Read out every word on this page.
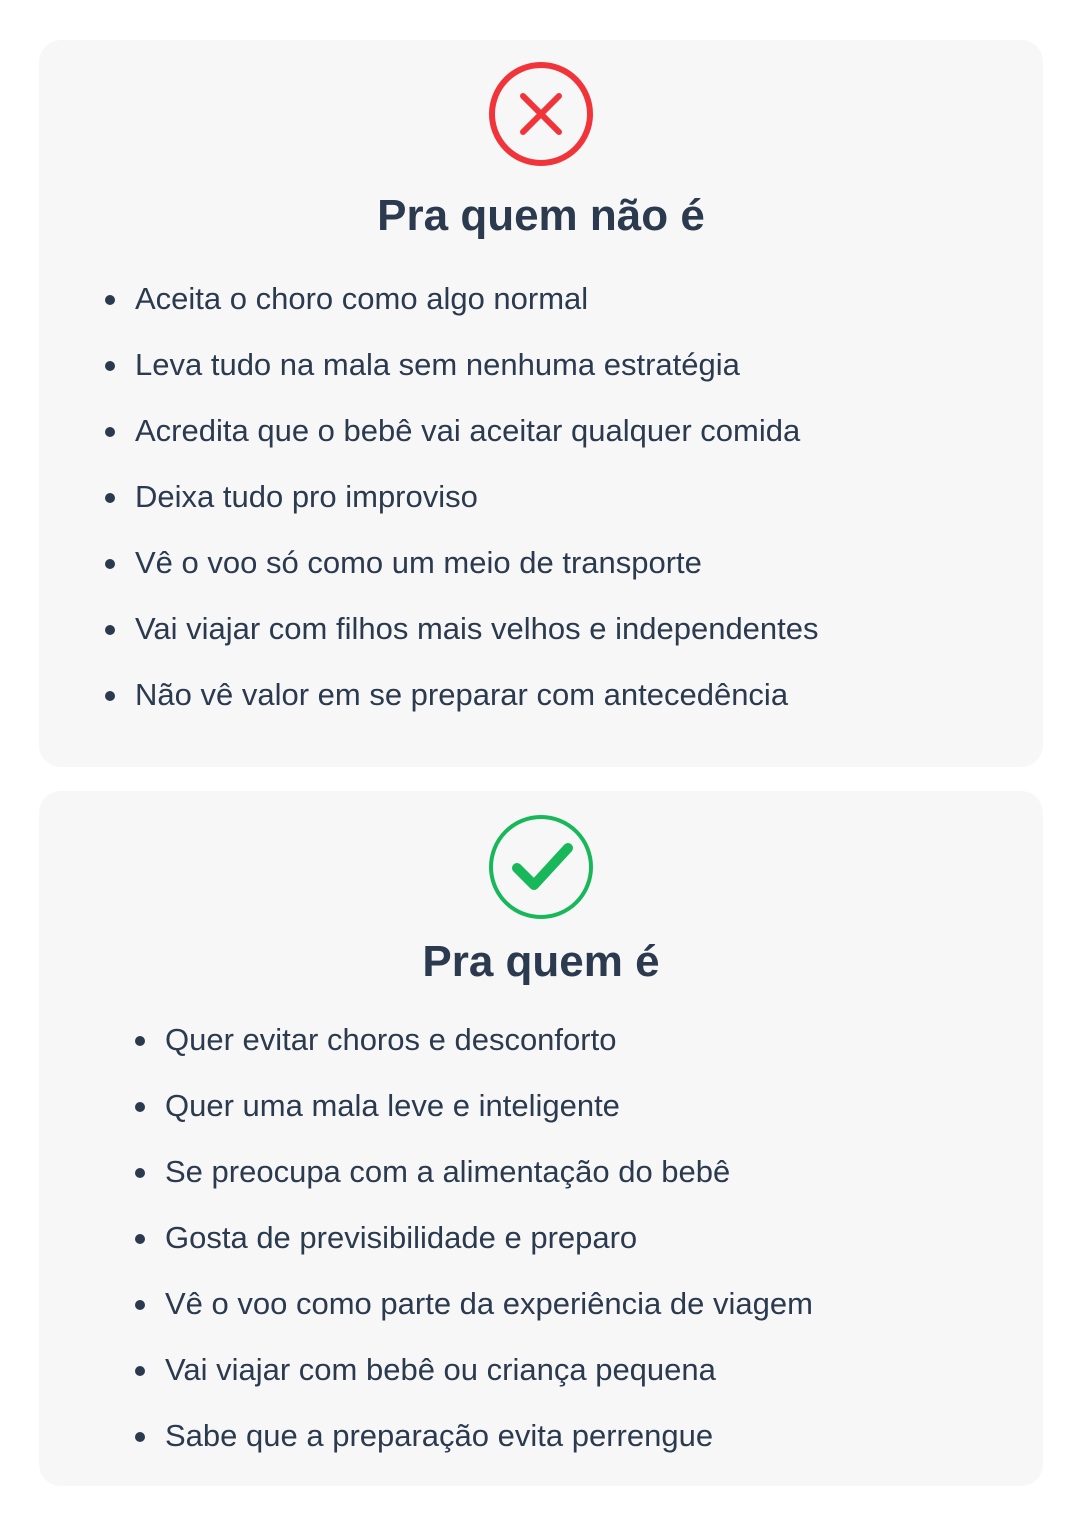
Pra quem não é
Aceita o choro como algo normal
Leva tudo na mala sem nenhuma estratégia
Acredita que o bebê vai aceitar qualquer comida
Deixa tudo pro improviso
Vê o voo só como um meio de transporte
Vai viajar com filhos mais velhos e independentes
Não vê valor em se preparar com antecedência
Pra quem é
Quer evitar choros e desconforto
Quer uma mala leve e inteligente
Se preocupa com a alimentação do bebê
Gosta de previsibilidade e preparo
Vê o voo como parte da experiência de viagem
Vai viajar com bebê ou criança pequena
Sabe que a preparação evita perrengue
